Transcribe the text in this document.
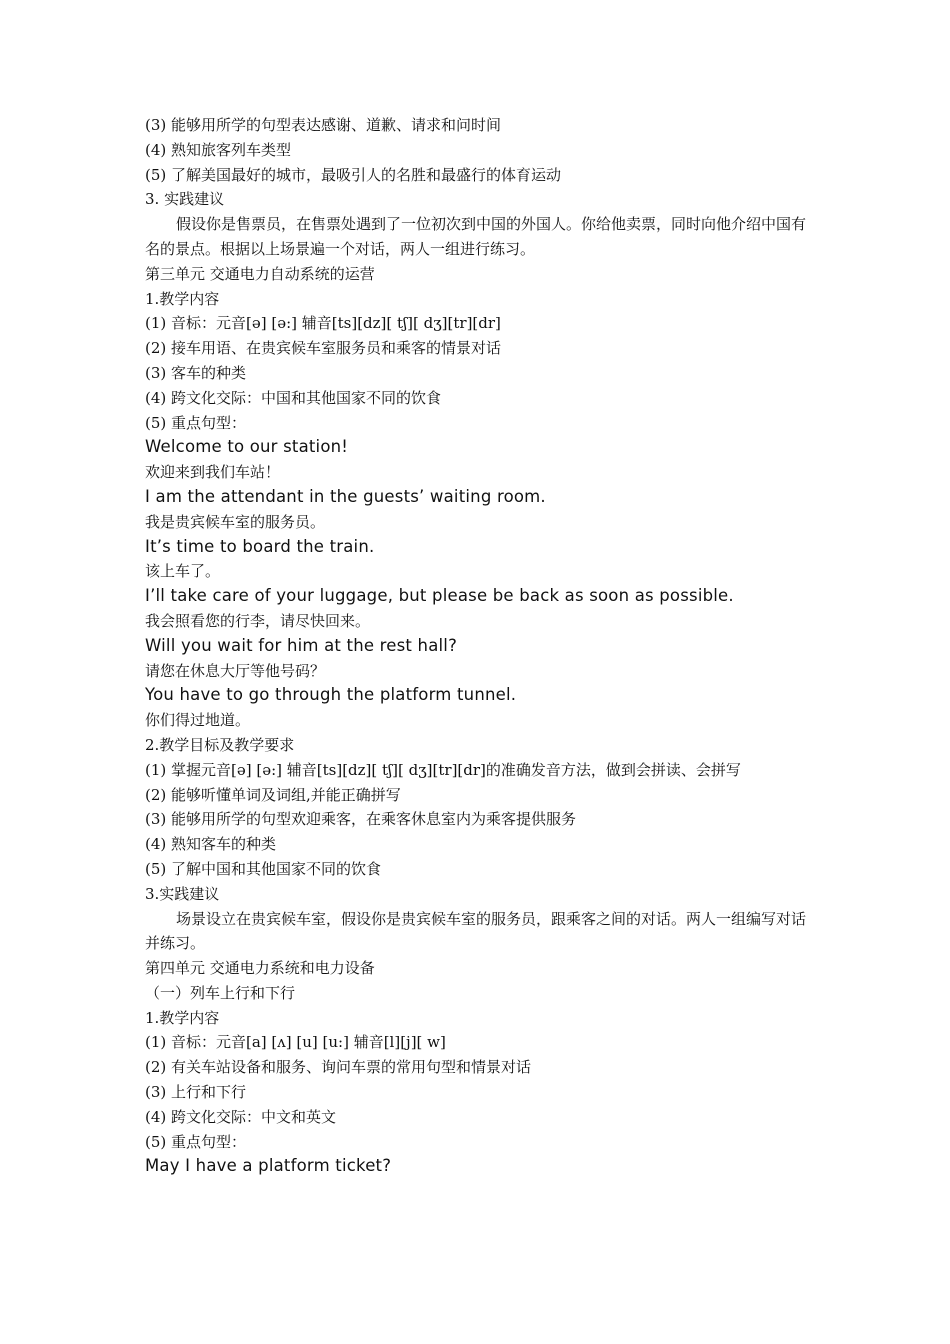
(3) 能够用所学的句型表达感谢、道歉、请求和问时间
(4) 熟知旅客列车类型
(5) 了解美国最好的城市，最吸引人的名胜和最盛行的体育运动
3. 实践建议
假设你是售票员，在售票处遇到了一位初次到中国的外国人。你给他卖票，同时向他介绍中国有名的景点。根据以上场景遍一个对话，两人一组进行练习。
第三单元 交通电力自动系统的运营
1.教学内容
(1) 音标：元音[ə] [ə:] 辅音[ts][dz][ tʃ][ dʒ][tr][dr]
(2) 接车用语、在贵宾候车室服务员和乘客的情景对话
(3) 客车的种类
(4) 跨文化交际：中国和其他国家不同的饮食
(5) 重点句型：
Welcome to our station!
欢迎来到我们车站！
I am the attendant in the guests’ waiting room.
我是贵宾候车室的服务员。
It’s time to board the train.
该上车了。
I’ll take care of your luggage, but please be back as soon as possible.
我会照看您的行李，请尽快回来。
Will you wait for him at the rest hall?
请您在休息大厅等他号码？
You have to go through the platform tunnel.
你们得过地道。
2.教学目标及教学要求
(1) 掌握元音[ə] [ə:] 辅音[ts][dz][ tʃ][ dʒ][tr][dr]的准确发音方法，做到会拼读、会拼写
(2) 能够听懂单词及词组,并能正确拼写
(3) 能够用所学的句型欢迎乘客，在乘客休息室内为乘客提供服务
(4) 熟知客车的种类
(5) 了解中国和其他国家不同的饮食
3.实践建议
场景设立在贵宾候车室，假设你是贵宾候车室的服务员，跟乘客之间的对话。两人一组编写对话并练习。
第四单元 交通电力系统和电力设备
（一）列车上行和下行
1.教学内容
(1) 音标：元音[a] [ʌ] [u] [u:] 辅音[l][j][ w]
(2) 有关车站设备和服务、询问车票的常用句型和情景对话
(3) 上行和下行
(4) 跨文化交际：中文和英文
(5) 重点句型：
May I have a platform ticket?
